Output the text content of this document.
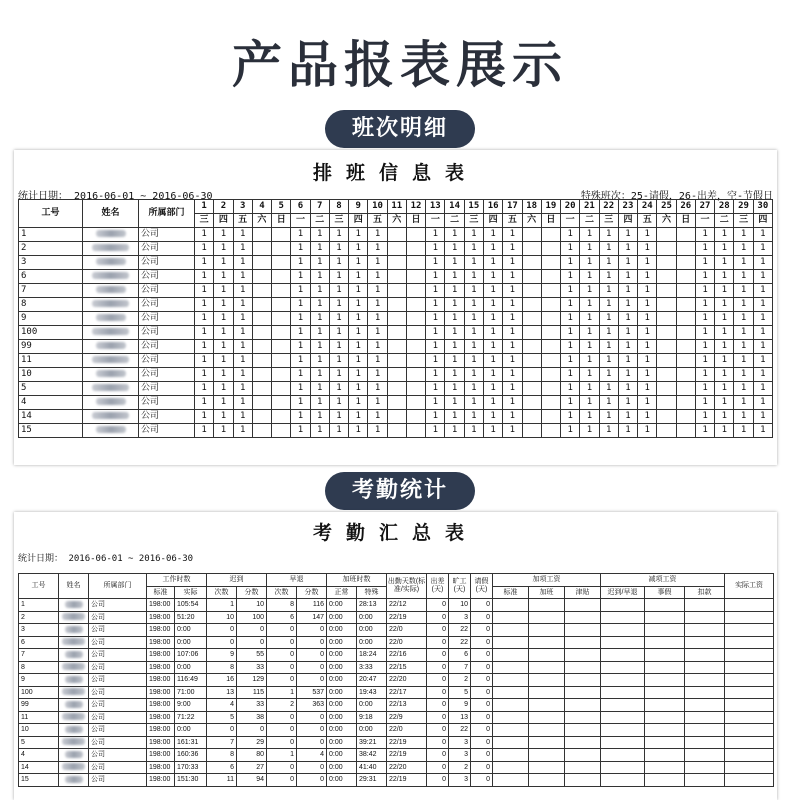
产品报表展示
班次明细
排班信息表
统计日期： 2016-06-01 ~ 2016-06-30	特殊班次：25-请假，26-出差，空-节假日
工号	姓名	所属部门	1	2	3	4	5	6	7	8	9	10	11	12	13	14	15	16	17	18	19	20	21	22	23	24	25	26	27	28	29	30
			三	四	五	六	日	一	二	三	四	五	六	日	一	二	三	四	五	六	日	一	二	三	四	五	六	日	一	二	三	四
1		公司	1	1	1			1	1	1	1	1			1	1	1	1	1			1	1	1	1	1			1	1	1	1
2		公司	1	1	1			1	1	1	1	1			1	1	1	1	1			1	1	1	1	1			1	1	1	1
3		公司	1	1	1			1	1	1	1	1			1	1	1	1	1			1	1	1	1	1			1	1	1	1
6		公司	1	1	1			1	1	1	1	1			1	1	1	1	1			1	1	1	1	1			1	1	1	1
7		公司	1	1	1			1	1	1	1	1			1	1	1	1	1			1	1	1	1	1			1	1	1	1
8		公司	1	1	1			1	1	1	1	1			1	1	1	1	1			1	1	1	1	1			1	1	1	1
9		公司	1	1	1			1	1	1	1	1			1	1	1	1	1			1	1	1	1	1			1	1	1	1
100		公司	1	1	1			1	1	1	1	1			1	1	1	1	1			1	1	1	1	1			1	1	1	1
99		公司	1	1	1			1	1	1	1	1			1	1	1	1	1			1	1	1	1	1			1	1	1	1
11		公司	1	1	1			1	1	1	1	1			1	1	1	1	1			1	1	1	1	1			1	1	1	1
10		公司	1	1	1			1	1	1	1	1			1	1	1	1	1			1	1	1	1	1			1	1	1	1
5		公司	1	1	1			1	1	1	1	1			1	1	1	1	1			1	1	1	1	1			1	1	1	1
4		公司	1	1	1			1	1	1	1	1			1	1	1	1	1			1	1	1	1	1			1	1	1	1
14		公司	1	1	1			1	1	1	1	1			1	1	1	1	1			1	1	1	1	1			1	1	1	1
15		公司	1	1	1			1	1	1	1	1			1	1	1	1	1			1	1	1	1	1			1	1	1	1
考勤统计
考勤汇总表
统计日期： 2016-06-01 ~ 2016-06-30
工号	姓名	所属部门	工作时数		迟到		早退		加班时数		出勤天数(标准/实际)	出差(天)	旷工(天)	请假(天)	加项工资			减项工资			实际工资
			标准	实际	次数	分数	次数	分数	正常	特殊					标准	加班	津贴	迟到/早退	事假	扣款	
1		公司	198:00	105:54	1	10	8	116	0:00	28:13	22/12	0	10	0							
2		公司	198:00	51:20	10	100	6	147	0:00	0:00	22/19	0	3	0							
3		公司	198:00	0:00	0	0	0	0	0:00	0:00	22/0	0	22	0							
6		公司	198:00	0:00	0	0	0	0	0:00	0:00	22/0	0	22	0							
7		公司	198:00	107:06	9	55	0	0	0:00	18:24	22/16	0	6	0							
8		公司	198:00	0:00	8	33	0	0	0:00	3:33	22/15	0	7	0							
9		公司	198:00	116:49	16	129	0	0	0:00	20:47	22/20	0	2	0							
100		公司	198:00	71:00	13	115	1	537	0:00	19:43	22/17	0	5	0							
99		公司	198:00	9:00	4	33	2	363	0:00	0:00	22/13	0	9	0							
11		公司	198:00	71:22	5	38	0	0	0:00	9:18	22/9	0	13	0							
10		公司	198:00	0:00	0	0	0	0	0:00	0:00	22/0	0	22	0							
5		公司	198:00	161:31	7	29	0	0	0:00	39:21	22/19	0	3	0							
4		公司	198:00	160:36	8	80	1	4	0:00	38:42	22/19	0	3	0							
14		公司	198:00	170:33	6	27	0	0	0:00	41:40	22/20	0	2	0							
15		公司	198:00	151:30	11	94	0	0	0:00	29:31	22/19	0	3	0							
